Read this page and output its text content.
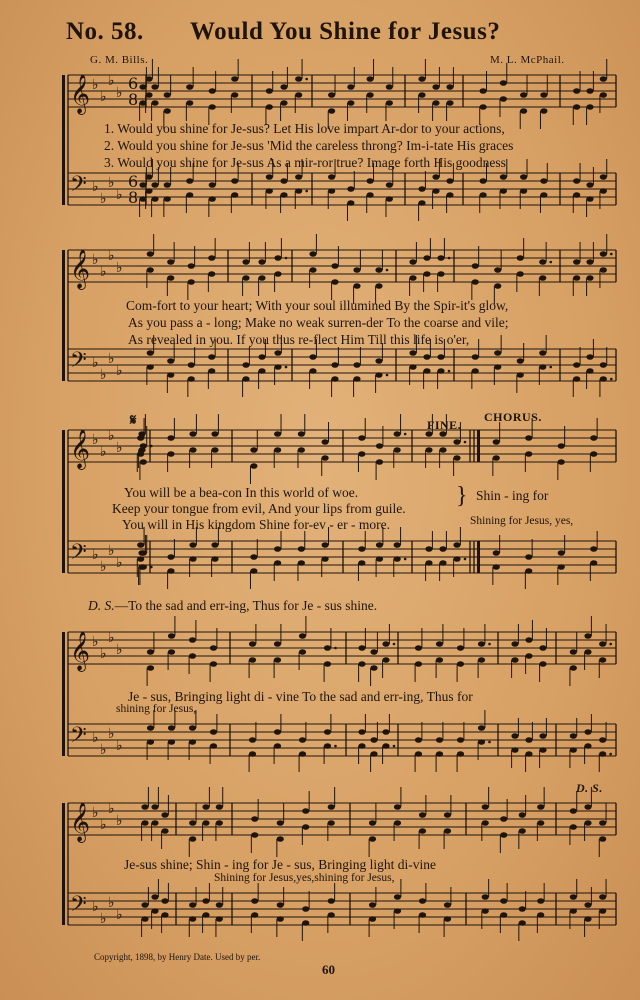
No. 58. Would You Shine for Jesus?
G. M. Bills.	M. L. McPhail.
𝄞
𝄢
♭
♭
♭
♭
♭
♭
♭
♭
6
8
6
8
𝄞
𝄢
♭
♭
♭
♭
♭
♭
♭
♭
𝄞
𝄢
♭
♭
♭
♭
♭
♭
♭
♭
𝄞
𝄢
♭
♭
♭
♭
♭
♭
♭
♭
𝄞
𝄢
♭
♭
♭
♭
♭
♭
♭
♭
1. Would you shine for Je-sus? Let His love impart Ar-dor to your actions,
2. Would you shine for Je-sus 'Mid the careless throng? Im-i-tate His graces
3. Would you shine for Je-sus As a mir-ror true? Image forth His goodness
Com-fort to your heart; With your soul illumined By the Spir-it's glow,
As you pass a - long; Make no weak surren-der To the coarse and vile;
As revealed in you. If you thus re-flect Him Till this life is o'er,
𝄋	FINE.
CHORUS.
You will be a bea-con In this world of woe.
Keep your tongue from evil, And your lips from guile.
You will in His kingdom Shine for-ev - er - more.
} Shin - ing for
Shining for Jesus, yes,
D. S.—To the sad and err-ing, Thus for Je - sus shine.
Je - sus, Bringing light di - vine To the sad and err-ing, Thus for
shining for Jesus,
D. S.
Je-sus shine; Shin - ing for Je - sus, Bringing light di-vine
Shining for Jesus,yes,shining for Jesus,
Copyright, 1898, by Henry Date. Used by per.
60
